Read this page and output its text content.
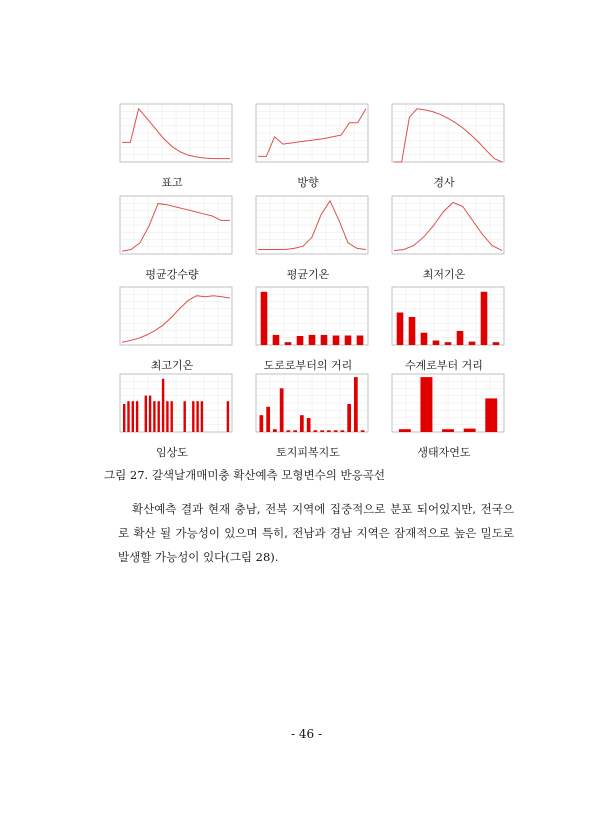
표고	방향	경사
평균강수량	평균기온	최저기온
최고기온	도로로부터의 거리	수계로부터 거리
임상도	토지피복지도	생태자연도
그림 27. 갈색날개매미충 확산예측 모형변수의 반응곡선

확산예측 결과 현재 충남, 전북 지역에 집중적으로 분포 되어있지만, 전국으로 확산 될 가능성이 있으며 특히, 전남과 경남 지역은 잠재적으로 높은 밀도로 발생할 가능성이 있다(그림 28).

- 46 -
